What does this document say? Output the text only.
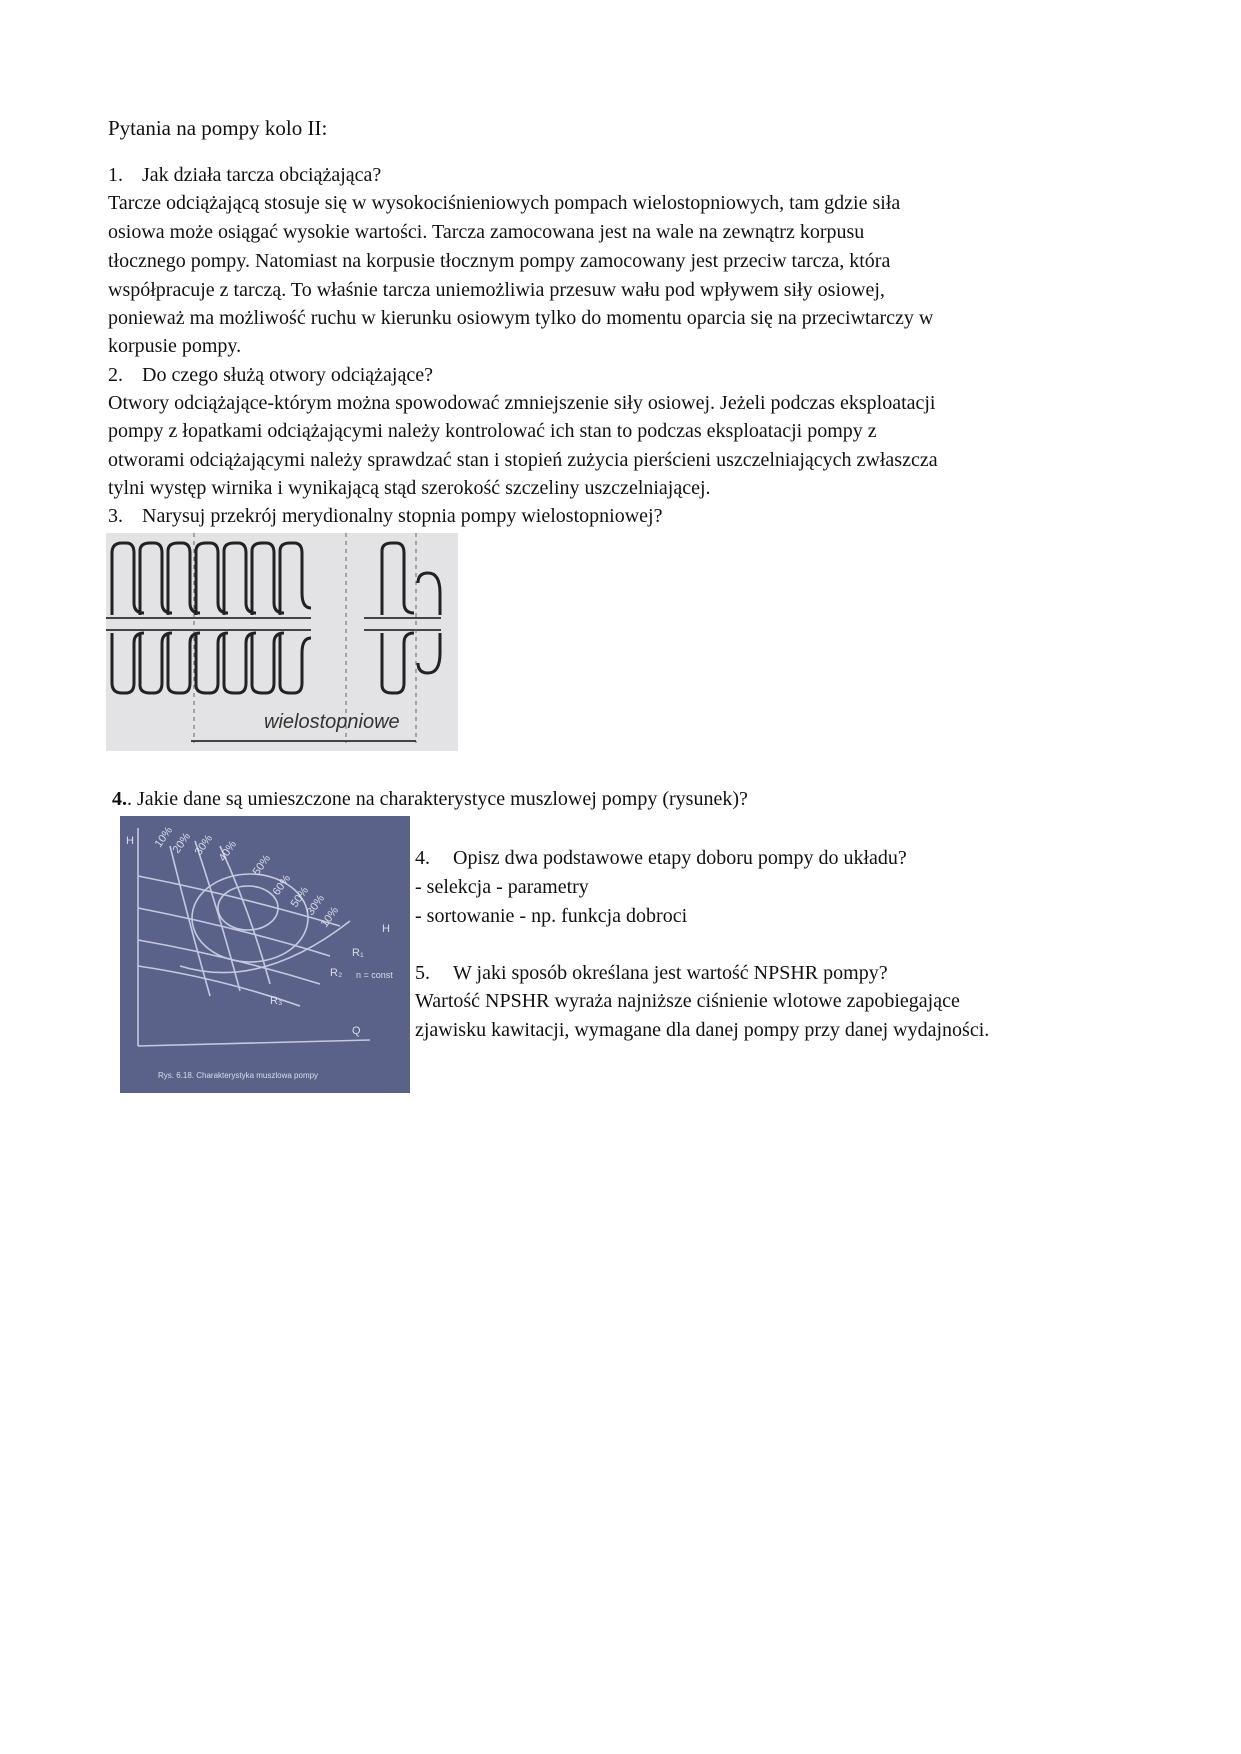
Pytania na pompy kolo II:
1. Jak działa tarcza obciążająca?
Tarcze odciążającą stosuje się w wysokociśnieniowych pompach wielostopniowych, tam gdzie siła
osiowa może osiągać wysokie wartości. Tarcza zamocowana jest na wale na zewnątrz korpusu
tłocznego pompy. Natomiast na korpusie tłocznym pompy zamocowany jest przeciw tarcza, która
współpracuje z tarczą. To właśnie tarcza uniemożliwia przesuw wału pod wpływem siły osiowej,
ponieważ ma możliwość ruchu w kierunku osiowym tylko do momentu oparcia się na przeciwtarczy w
korpusie pompy.
2. Do czego służą otwory odciążające?
Otwory odciążające-którym można spowodować zmniejszenie siły osiowej. Jeżeli podczas eksploatacji
pompy z łopatkami odciążającymi należy kontrolować ich stan to podczas eksploatacji pompy z
otworami odciążającymi należy sprawdzać stan i stopień zużycia pierścieni uszczelniających zwłaszcza
tylni występ wirnika i wynikającą stąd szerokość szczeliny uszczelniającej.
3. Narysuj przekrój merydionalny stopnia pompy wielostopniowej?
wielostopniowe
4.. Jakie dane są umieszczone na charakterystyce muszlowej pompy (rysunek)?
H
Q
10%
20% 30% 40%
50%
60%
50%
30%
10%	H
R₁
R₂
R₃
n = const
Rys. 6.18. Charakterystyka muszlowa pompy
4. Opisz dwa podstawowe etapy doboru pompy do układu?
- selekcja - parametry
- sortowanie - np. funkcja dobroci
5. W jaki sposób określana jest wartość NPSHR pompy?
Wartość NPSHR wyraża najniższe ciśnienie wlotowe zapobiegające
zjawisku kawitacji, wymagane dla danej pompy przy danej wydajności.
